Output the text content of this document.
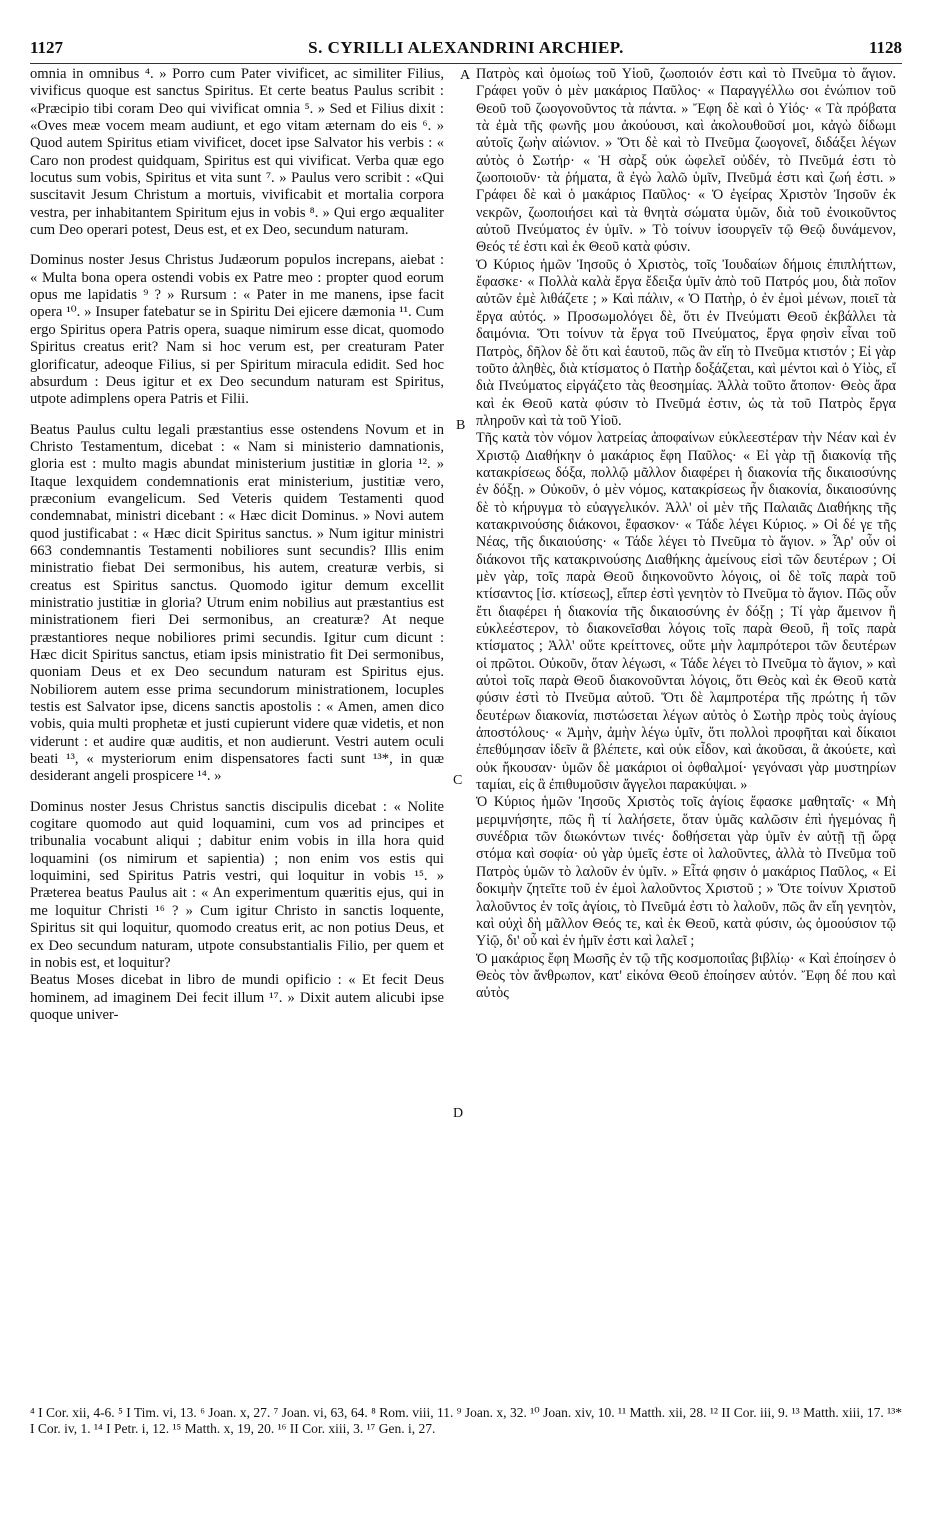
1127	S. CYRILLI ALEXANDRINI ARCHIEP.	1128

omnia in omnibus ⁴. » Porro cum Pater vivificet, ac similiter Filius, vivificus quoque est sanctus Spiritus. Et certe beatus Paulus scribit : «Præcipio tibi coram Deo qui vivificat omnia ⁵. » Sed et Filius dixit : «Oves meæ vocem meam audiunt, et ego vitam æternam do eis ⁶. » Quod autem Spiritus etiam vivificet, docet ipse Salvator his verbis : « Caro non prodest quidquam, Spiritus est qui vivificat. Verba quæ ego locutus sum vobis, Spiritus et vita sunt ⁷. » Paulus vero scribit : «Qui suscitavit Jesum Christum a mortuis, vivificabit et mortalia corpora vestra, per inhabitantem Spiritum ejus in vobis ⁸. » Qui ergo æqualiter cum Deo operari potest, Deus est, et ex Deo, secundum naturam.

Dominus noster Jesus Christus Judæorum populos increpans, aiebat : « Multa bona opera ostendi vobis ex Patre meo : propter quod eorum opus me lapidatis ⁹ ? » Rursum : « Pater in me manens, ipse facit opera ¹⁰. » Insuper fatebatur se in Spiritu Dei ejicere dæmonia ¹¹. Cum ergo Spiritus opera Patris opera, suaque nimirum esse dicat, quomodo Spiritus creatus erit? Nam si hoc verum est, per creaturam Pater glorificatur, adeoque Filius, si per Spiritum miracula edidit. Sed hoc absurdum : Deus igitur et ex Deo secundum naturam est Spiritus, utpote adimplens opera Patris et Filii.

Beatus Paulus cultu legali præstantius esse ostendens Novum et in Christo Testamentum, dicebat : « Nam si ministerio damnationis, gloria est : multo magis abundat ministerium justitiæ in gloria ¹². » Itaque lexquidem condemnationis erat ministerium, justitiæ vero, præconium evangelicum. Sed Veteris quidem Testamenti quod condemnabat, ministri dicebant : « Hæc dicit Dominus. » Novi autem quod justificabat : « Hæc dicit Spiritus sanctus. » Num igitur ministri 663 condemnantis Testamenti nobiliores sunt secundis? Illis enim ministratio fiebat Dei sermonibus, his autem, creaturæ verbis, si creatus est Spiritus sanctus. Quomodo igitur demum excellit ministratio justitiæ in gloria? Utrum enim nobilius aut præstantius est ministrationem fieri Dei sermonibus, an creaturæ? At neque præstantiores neque nobiliores primi secundis. Igitur cum dicunt : Hæc dicit Spiritus sanctus, etiam ipsis ministratio fit Dei sermonibus, quoniam Deus et ex Deo secundum naturam est Spiritus ejus. Nobiliorem autem esse prima secundorum ministrationem, locuples testis est Salvator ipse, dicens sanctis apostolis : « Amen, amen dico vobis, quia multi prophetæ et justi cupierunt videre quæ videtis, et non viderunt : et audire quæ auditis, et non audierunt. Vestri autem oculi beati ¹³, « mysteriorum enim dispensatores facti sunt ¹³*, in quæ desiderant angeli prospicere ¹⁴. »

Dominus noster Jesus Christus sanctis discipulis dicebat : « Nolite cogitare quomodo aut quid loquamini, cum vos ad principes et tribunalia vocabunt aliqui ; dabitur enim vobis in illa hora quid loquamini (os nimirum et sapientia) ; non enim vos estis qui loquimini, sed Spiritus Patris vestri, qui loquitur in vobis ¹⁵. » Præterea beatus Paulus ait : « An experimentum quæritis ejus, qui in me loquitur Christi ¹⁶ ? » Cum igitur Christo in sanctis loquente, Spiritus sit qui loquitur, quomodo creatus erit, ac non potius Deus, et ex Deo secundum naturam, utpote consubstantialis Filio, per quem et in nobis est, et loquitur?

Beatus Moses dicebat in libro de mundi opificio : « Et fecit Deus hominem, ad imaginem Dei fecit illum ¹⁷. » Dixit autem alicubi ipse quoque univer-

A
B
C
D

Πατρὸς καὶ ὁμοίως τοῦ Υἱοῦ, ζωοποιόν ἐστι καὶ τὸ Πνεῦμα τὸ ἅγιον. Γράφει γοῦν ὁ μὲν μακάριος Παῦλος· « Παραγγέλλω σοι ἐνώπιον τοῦ Θεοῦ τοῦ ζωογονοῦντος τὰ πάντα. » Ἔφη δὲ καὶ ὁ Υἱός· « Τὰ πρόβατα τὰ ἐμὰ τῆς φωνῆς μου ἀκούουσι, καὶ ἀκολουθοῦσί μοι, κἀγὼ δίδωμι αὐτοῖς ζωὴν αἰώνιον. » Ὅτι δὲ καὶ τὸ Πνεῦμα ζωογονεῖ, διδάξει λέγων αὐτὸς ὁ Σωτήρ· « Ἡ σὰρξ οὐκ ὠφελεῖ οὐδέν, τὸ Πνεῦμά ἐστι τὸ ζωοποιοῦν· τὰ ῥήματα, ἃ ἐγὼ λαλῶ ὑμῖν, Πνεῦμά ἐστι καὶ ζωή ἐστι. » Γράφει δὲ καὶ ὁ μακάριος Παῦλος· « Ὁ ἐγείρας Χριστὸν Ἰησοῦν ἐκ νεκρῶν, ζωοποιήσει καὶ τὰ θνητὰ σώματα ὑμῶν, διὰ τοῦ ἐνοικοῦντος αὐτοῦ Πνεύματος ἐν ὑμῖν. » Τὸ τοίνυν ἰσουργεῖν τῷ Θεῷ δυνάμενον, Θεός τέ ἐστι καὶ ἐκ Θεοῦ κατὰ φύσιν.

Ὁ Κύριος ἡμῶν Ἰησοῦς ὁ Χριστὸς, τοῖς Ἰουδαίων δήμοις ἐπιπλήττων, ἔφασκε· « Πολλὰ καλὰ ἔργα ἔδειξα ὑμῖν ἀπὸ τοῦ Πατρός μου, διὰ ποῖον αὐτῶν ἐμὲ λιθάζετε ; » Καὶ πάλιν, « Ὁ Πατὴρ, ὁ ἐν ἐμοὶ μένων, ποιεῖ τὰ ἔργα αὐτός. » Προσωμολόγει δὲ, ὅτι ἐν Πνεύματι Θεοῦ ἐκβάλλει τὰ δαιμόνια. Ὅτι τοίνυν τὰ ἔργα τοῦ Πνεύματος, ἔργα φησὶν εἶναι τοῦ Πατρὸς, δῆλον δὲ ὅτι καὶ ἑαυτοῦ, πῶς ἂν εἴη τὸ Πνεῦμα κτιστόν ; Εἰ γὰρ τοῦτο ἀληθὲς, διὰ κτίσματος ὁ Πατὴρ δοξάζεται, καὶ μέντοι καὶ ὁ Υἱὸς, εἴ διὰ Πνεύματος εἰργάζετο τὰς θεοσημίας. Ἀλλὰ τοῦτο ἄτοπον· Θεὸς ἄρα καὶ ἐκ Θεοῦ κατὰ φύσιν τὸ Πνεῦμά ἐστιν, ὡς τὰ τοῦ Πατρὸς ἔργα πληροῦν καὶ τὰ τοῦ Υἱοῦ.

Τῆς κατὰ τὸν νόμον λατρείας ἀποφαίνων εὐκλεεστέραν τὴν Νέαν καὶ ἐν Χριστῷ Διαθήκην ὁ μακάριος ἔφη Παῦλος· « Εἰ γὰρ τῇ διακονίᾳ τῆς κατακρίσεως δόξα, πολλῷ μᾶλλον διαφέρει ἡ διακονία τῆς δικαιοσύνης ἐν δόξῃ. » Οὐκοῦν, ὁ μὲν νόμος, κατακρίσεως ἦν διακονία, δικαιοσύνης δὲ τὸ κήρυγμα τὸ εὐαγγελικόν. Ἀλλ' οἱ μὲν τῆς Παλαιᾶς Διαθήκης τῆς κατακρινούσης διάκονοι, ἔφασκον· « Τάδε λέγει Κύριος. » Οἱ δέ γε τῆς Νέας, τῆς δικαιούσης· « Τάδε λέγει τὸ Πνεῦμα τὸ ἅγιον. » Ἆρ' οὖν οἱ διάκονοι τῆς κατακρινούσης Διαθήκης ἀμείνους εἰσὶ τῶν δευτέρων ; Οἱ μὲν γὰρ, τοῖς παρὰ Θεοῦ διηκονοῦντο λόγοις, οἱ δὲ τοῖς παρὰ τοῦ κτίσαντος [ἰσ. κτίσεως], εἴπερ ἐστὶ γενητὸν τὸ Πνεῦμα τὸ ἅγιον. Πῶς οὖν ἔτι διαφέρει ἡ διακονία τῆς δικαιοσύνης ἐν δόξῃ ; Τί γὰρ ἄμεινον ἢ εὐκλεέστερον, τὸ διακονεῖσθαι λόγοις τοῖς παρὰ Θεοῦ, ἢ τοῖς παρὰ κτίσματος ; Ἀλλ' οὔτε κρείττονες, οὔτε μὴν λαμπρότεροι τῶν δευτέρων οἱ πρῶτοι. Οὐκοῦν, ὅταν λέγωσι, « Τάδε λέγει τὸ Πνεῦμα τὸ ἅγιον, » καὶ αὐτοὶ τοῖς παρὰ Θεοῦ διακονοῦνται λόγοις, ὅτι Θεὸς καὶ ἐκ Θεοῦ κατὰ φύσιν ἐστὶ τὸ Πνεῦμα αὐτοῦ. Ὅτι δὲ λαμπροτέρα τῆς πρώτης ἡ τῶν δευτέρων διακονία, πιστώσεται λέγων αὐτὸς ὁ Σωτὴρ πρὸς τοὺς ἁγίους ἀποστόλους· « Ἀμὴν, ἀμὴν λέγω ὑμῖν, ὅτι πολλοὶ προφῆται καὶ δίκαιοι ἐπεθύμησαν ἰδεῖν ἃ βλέπετε, καὶ οὐκ εἶδον, καὶ ἀκοῦσαι, ἃ ἀκούετε, καὶ οὐκ ἤκουσαν· ὑμῶν δὲ μακάριοι οἱ ὀφθαλμοί· γεγόνασι γὰρ μυστηρίων ταμίαι, εἰς ἃ ἐπιθυμοῦσιν ἄγγελοι παρακύψαι. »

Ὁ Κύριος ἡμῶν Ἰησοῦς Χριστὸς τοῖς ἁγίοις ἔφασκε μαθηταῖς· « Μὴ μεριμνήσητε, πῶς ἢ τί λαλήσετε, ὅταν ὑμᾶς καλῶσιν ἐπὶ ἡγεμόνας ἢ συνέδρια τῶν διωκόντων τινές· δοθήσεται γὰρ ὑμῖν ἐν αὐτῇ τῇ ὥρᾳ στόμα καὶ σοφία· οὐ γὰρ ὑμεῖς ἐστε οἱ λαλοῦντες, ἀλλὰ τὸ Πνεῦμα τοῦ Πατρὸς ὑμῶν τὸ λαλοῦν ἐν ὑμῖν. » Εἶτά φησιν ὁ μακάριος Παῦλος, « Εἰ δοκιμὴν ζητεῖτε τοῦ ἐν ἐμοὶ λαλοῦντος Χριστοῦ ; » Ὅτε τοίνυν Χριστοῦ λαλοῦντος ἐν τοῖς ἁγίοις, τὸ Πνεῦμά ἐστι τὸ λαλοῦν, πῶς ἂν εἴη γενητὸν, καὶ οὐχὶ δὴ μᾶλλον Θεός τε, καὶ ἐκ Θεοῦ, κατὰ φύσιν, ὡς ὁμοούσιον τῷ Υἱῷ, δι' οὗ καὶ ἐν ἡμῖν ἐστι καὶ λαλεῖ ;

Ὁ μακάριος ἔφη Μωσῆς ἐν τῷ τῆς κοσμοποιΐας βιβλίῳ· « Καὶ ἐποίησεν ὁ Θεὸς τὸν ἄνθρωπον, κατ' εἰκόνα Θεοῦ ἐποίησεν αὐτόν. Ἔφη δέ που καὶ αὐτὸς

⁴ I Cor. xii, 4-6. ⁵ I Tim. vi, 13. ⁶ Joan. x, 27. ⁷ Joan. vi, 63, 64. ⁸ Rom. viii, 11. ⁹ Joan. x, 32. ¹⁰ Joan. xiv, 10. ¹¹ Matth. xii, 28. ¹² II Cor. iii, 9. ¹³ Matth. xiii, 17. ¹³* I Cor. iv, 1. ¹⁴ I Petr. i, 12. ¹⁵ Matth. x, 19, 20. ¹⁶ II Cor. xiii, 3. ¹⁷ Gen. i, 27.
